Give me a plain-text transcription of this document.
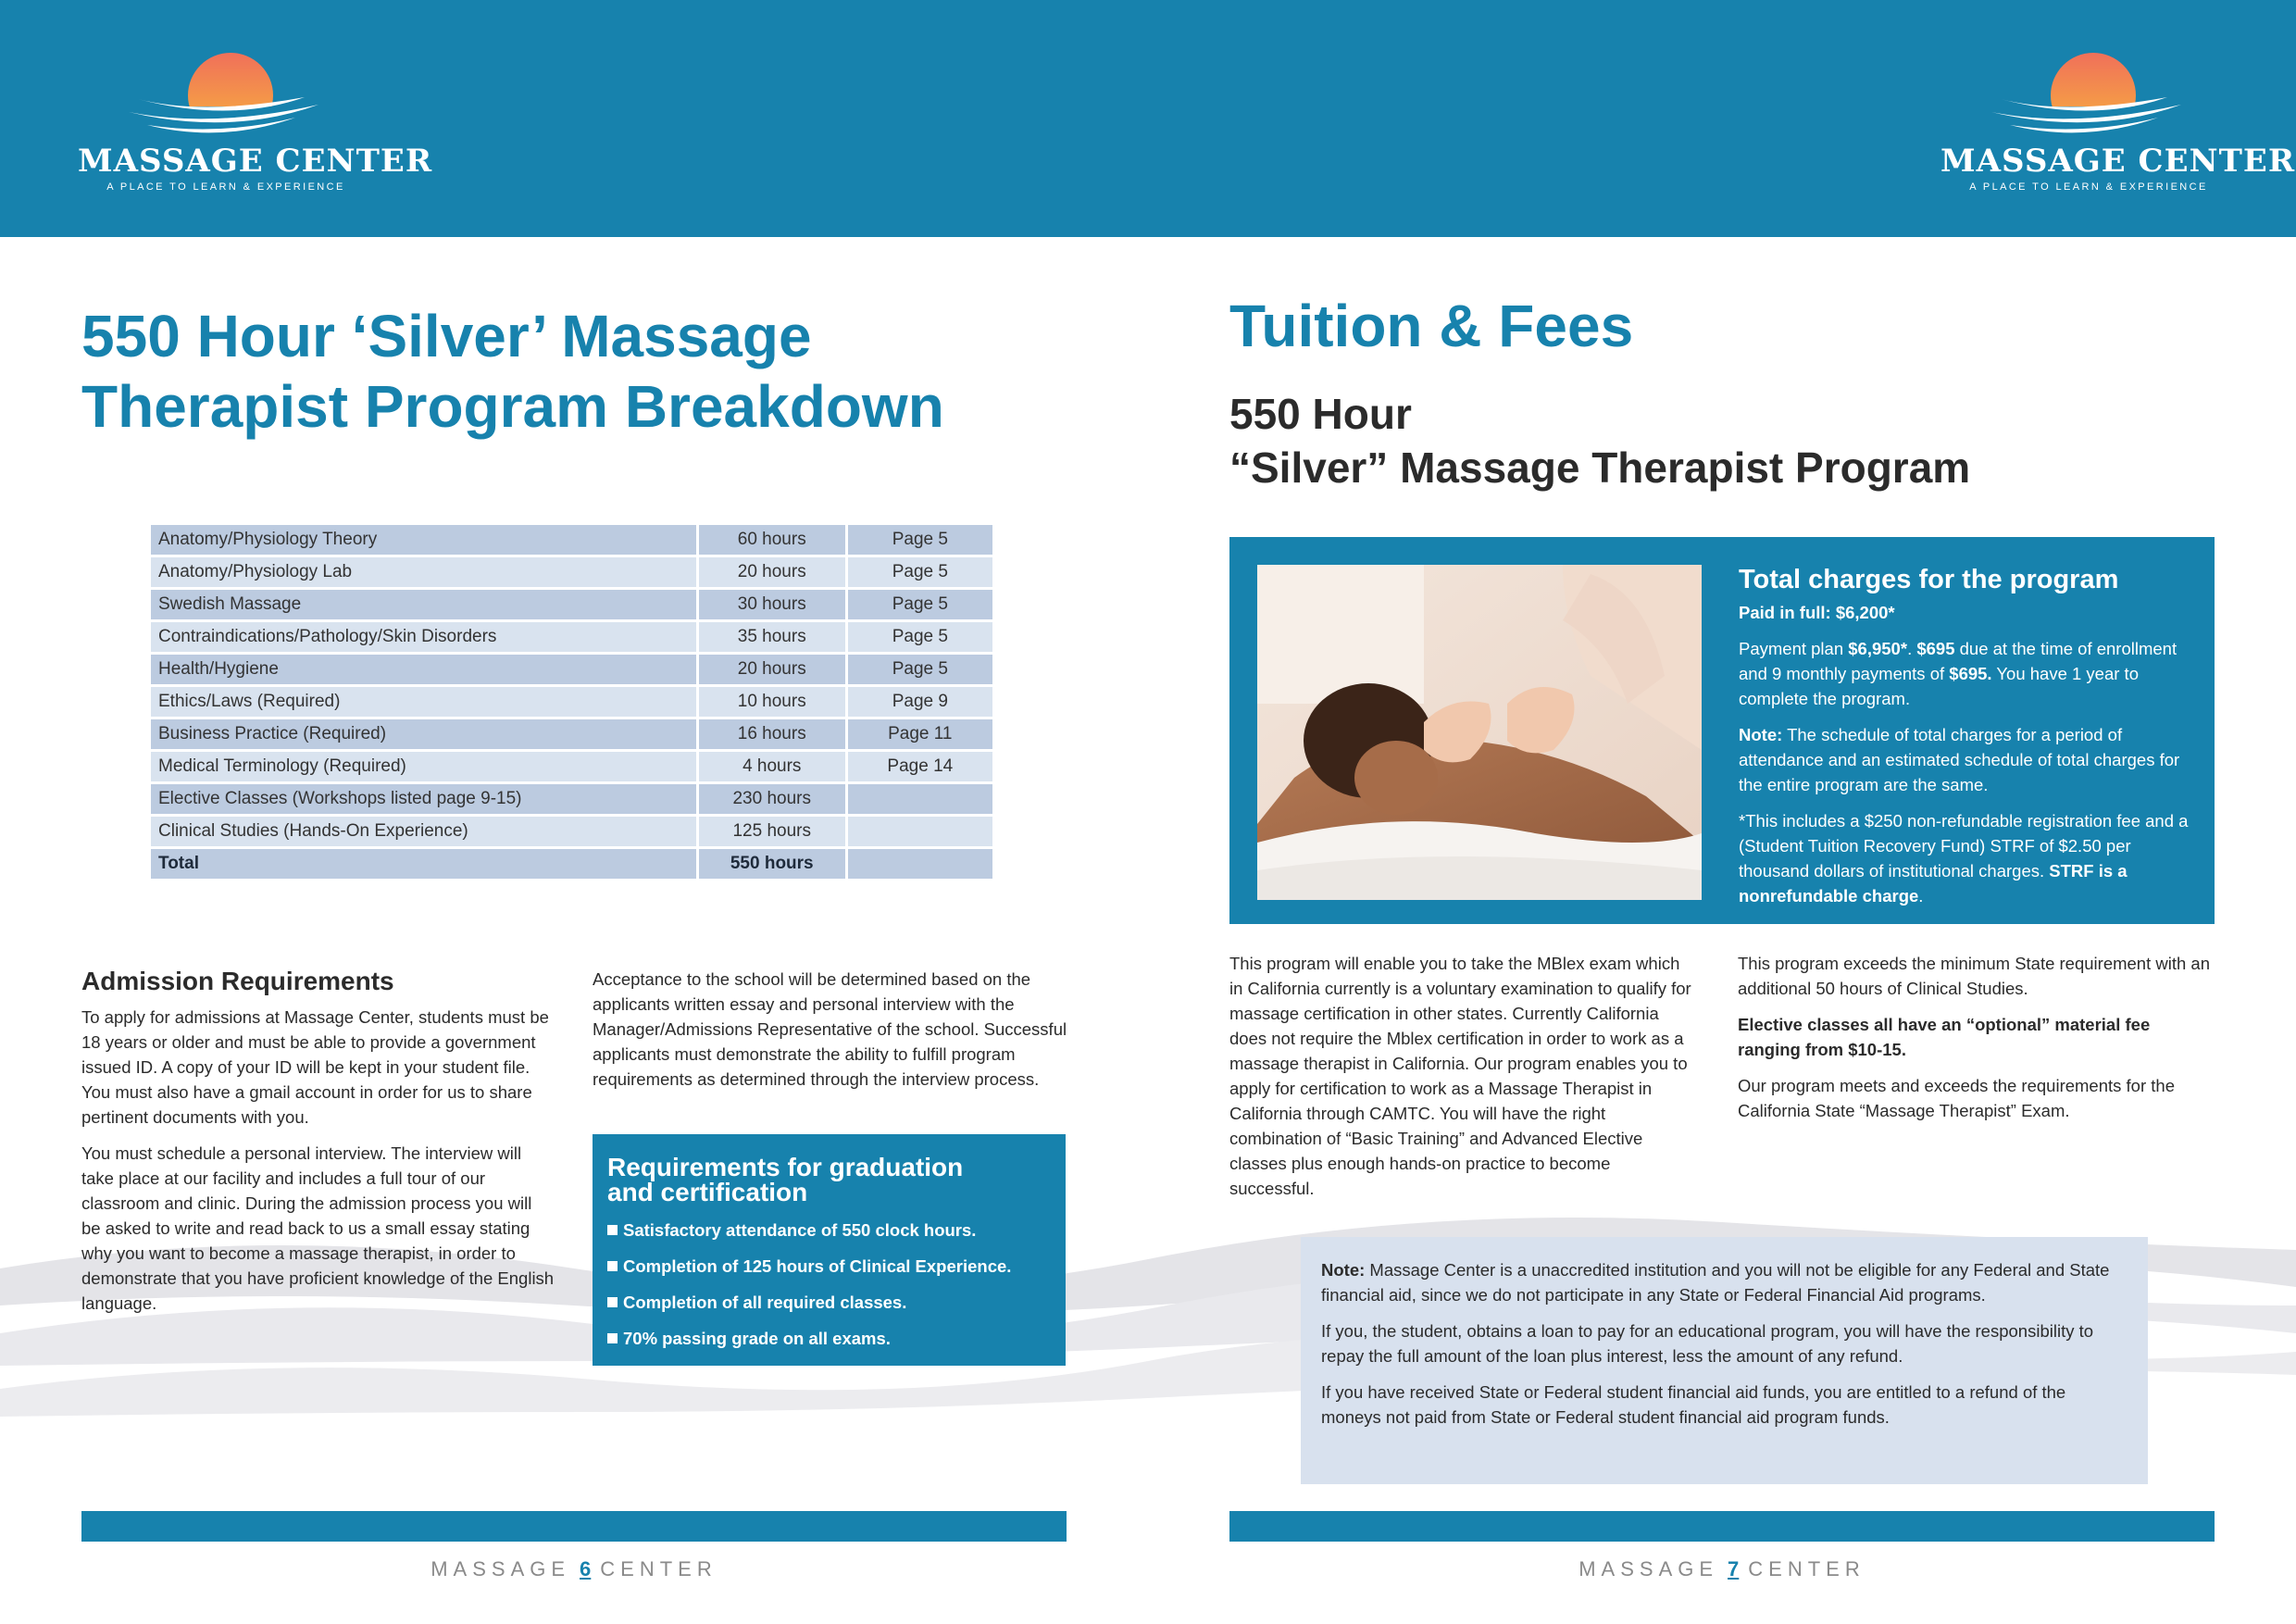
MASSAGE CENTER
A PLACE TO LEARN & EXPERIENCE
MASSAGE CENTER
A PLACE TO LEARN & EXPERIENCE
550 Hour ‘Silver’ Massage
Therapist Program Breakdown
Anatomy/Physiology Theory	60 hours	Page 5
Anatomy/Physiology Lab	20 hours	Page 5
Swedish Massage	30 hours	Page 5
Contraindications/Pathology/Skin Disorders	35 hours	Page 5
Health/Hygiene	20 hours	Page 5
Ethics/Laws (Required)	10 hours	Page 9
Business Practice (Required)	16 hours	Page 11
Medical Terminology (Required)	4 hours	Page 14
Elective Classes (Workshops listed page 9-15)	230 hours	
Clinical Studies (Hands-On Experience)	125 hours	
Total	550 hours	
Admission Requirements

To apply for admissions at Massage Center, students must be 18 years or older and must be able to provide a government issued ID. A copy of your ID will be kept in your student file. You must also have a gmail account in order for us to share pertinent documents with you.

You must schedule a personal interview. The interview will take place at our facility and includes a full tour of our classroom and clinic. During the admission process you will be asked to write and read back to us a small essay stating why you want to become a massage therapist, in order to demonstrate that you have proficient knowledge of the English language.

Acceptance to the school will be determined based on the applicants written essay and personal interview with the Manager/Admissions Representative of the school. Successful applicants must demonstrate the ability to fulfill program requirements as determined through the interview process.

Requirements for graduation
and certification
Satisfactory attendance of 550 clock hours.
Completion of 125 hours of Clinical Experience.
Completion of all required classes.
70% passing grade on all exams.
MASSAGE 6 CENTER
Tuition & Fees
550 Hour
“Silver” Massage Therapist Program
Total charges for the program

Paid in full: $6,200*

Payment plan $6,950*. $695 due at the time of enrollment and 9 monthly payments of $695. You have 1 year to complete the program.

Note: The schedule of total charges for a period of attendance and an estimated schedule of total charges for the entire program are the same.

*This includes a $250 non-refundable registration fee and a (Student Tuition Recovery Fund) STRF of $2.50 per thousand dollars of institutional charges. STRF is a nonrefundable charge.

This program will enable you to take the MBlex exam which in California currently is a voluntary examination to qualify for massage certification in other states. Currently California does not require the Mblex certification in order to work as a massage therapist in California. Our program enables you to apply for certification to work as a Massage Therapist in California through CAMTC. You will have the right combination of “Basic Training” and Advanced Elective classes plus enough hands-on practice to become successful.

This program exceeds the minimum State requirement with an additional 50 hours of Clinical Studies.

Elective classes all have an “optional” material fee ranging from $10-15.

Our program meets and exceeds the requirements for the California State “Massage Therapist” Exam.

Note: Massage Center is a unaccredited institution and you will not be eligible for any Federal and State financial aid, since we do not participate in any State or Federal Financial Aid programs.

If you, the student, obtains a loan to pay for an educational program, you will have the responsibility to repay the full amount of the loan plus interest, less the amount of any refund.

If you have received State or Federal student financial aid funds, you are entitled to a refund of the moneys not paid from State or Federal student financial aid program funds.

MASSAGE 7 CENTER
